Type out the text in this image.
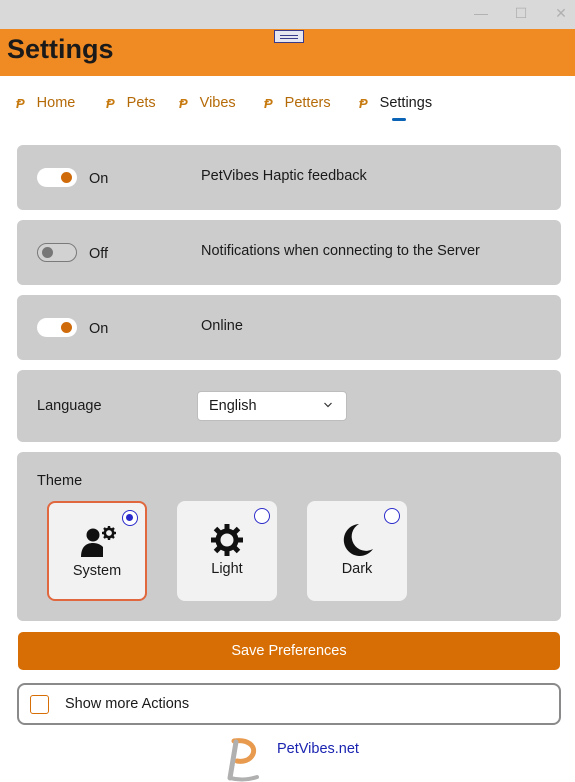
—	☐	✕
Settings
Ᵽ Home Ᵽ Pets Ᵽ Vibes Ᵽ Petters Ᵽ Settings
On	PetVibes Haptic feedback
Off	Notifications when connecting to the Server
On	Online
Language	English
Theme
System	Light	Dark
Save Preferences
Show more Actions
PetVibes.net
